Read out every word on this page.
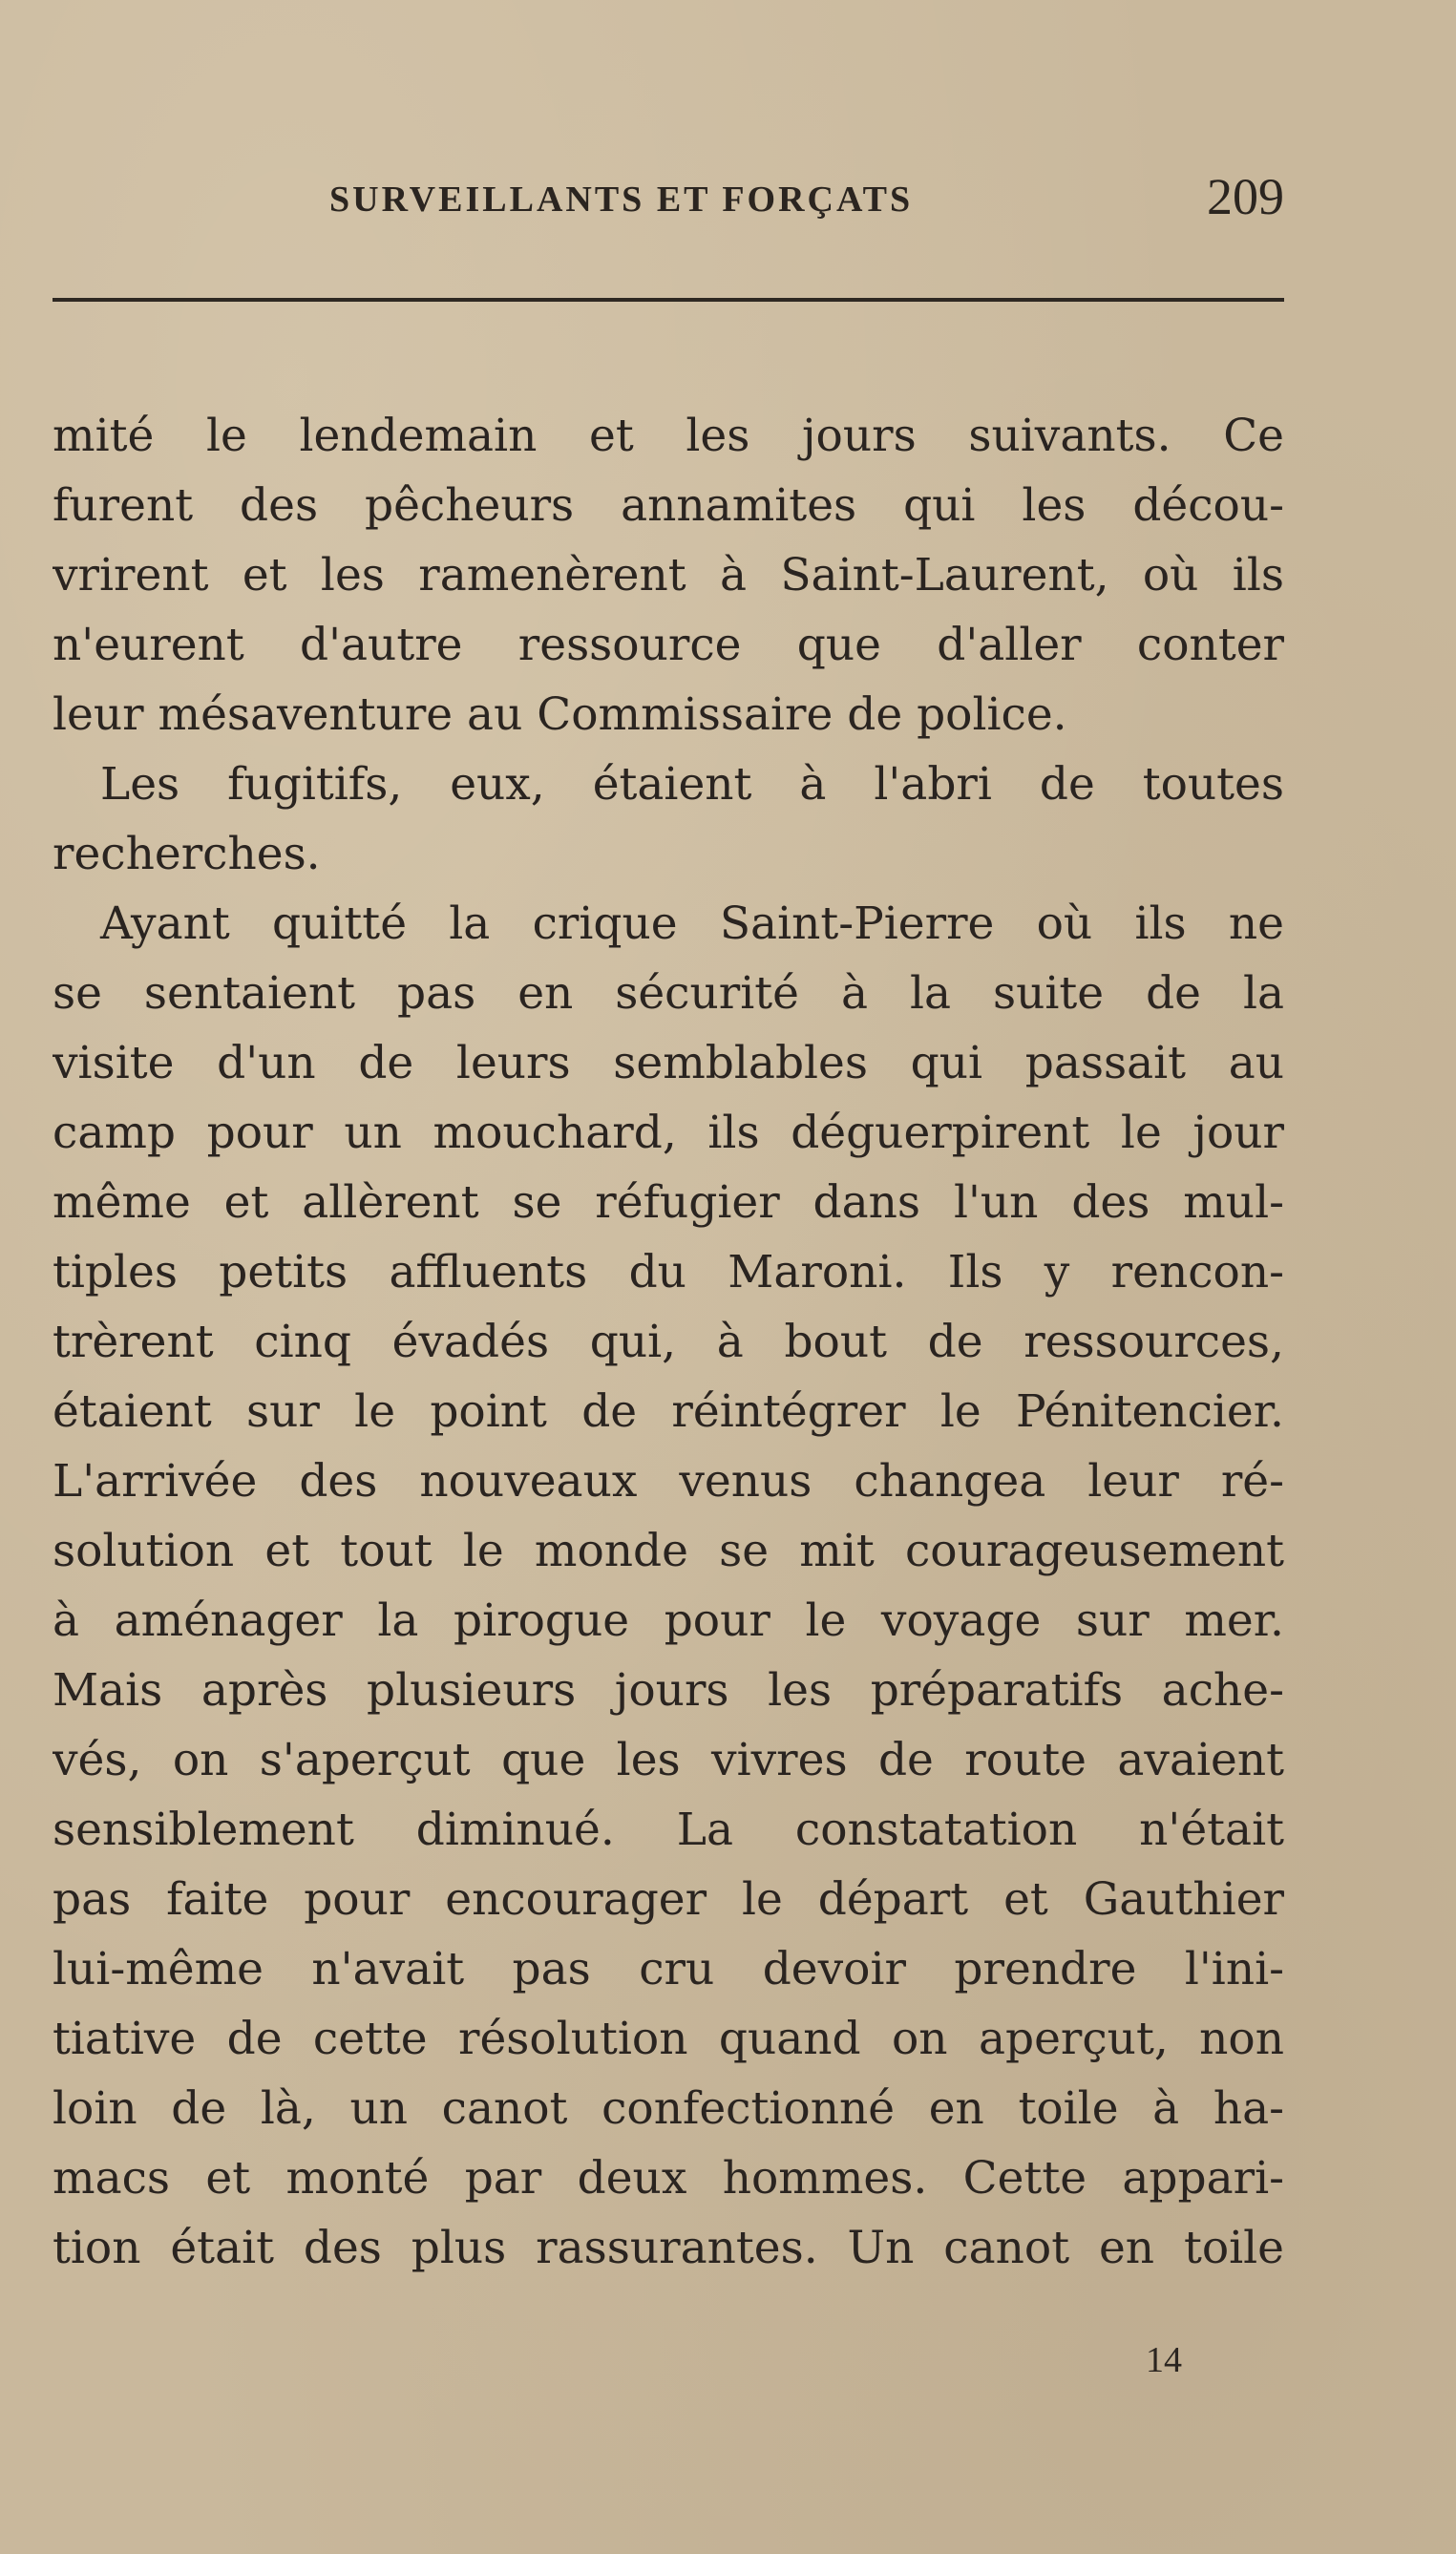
SURVEILLANTS ET FORÇATS	209
mité le lendemain et les jours suivants. Ce
furent des pêcheurs annamites qui les décou-
vrirent et les ramenèrent à Saint-Laurent, où ils
n'eurent d'autre ressource que d'aller conter
leur mésaventure au Commissaire de police.
Les fugitifs, eux, étaient à l'abri de toutes
recherches.
Ayant quitté la crique Saint-Pierre où ils ne
se sentaient pas en sécurité à la suite de la
visite d'un de leurs semblables qui passait au
camp pour un mouchard, ils déguerpirent le jour
même et allèrent se réfugier dans l'un des mul-
tiples petits affluents du Maroni. Ils y rencon-
trèrent cinq évadés qui, à bout de ressources,
étaient sur le point de réintégrer le Pénitencier.
L'arrivée des nouveaux venus changea leur ré-
solution et tout le monde se mit courageusement
à aménager la pirogue pour le voyage sur mer.
Mais après plusieurs jours les préparatifs ache-
vés, on s'aperçut que les vivres de route avaient
sensiblement diminué. La constatation n'était
pas faite pour encourager le départ et Gauthier
lui-même n'avait pas cru devoir prendre l'ini-
tiative de cette résolution quand on aperçut, non
loin de là, un canot confectionné en toile à ha-
macs et monté par deux hommes. Cette appari-
tion était des plus rassurantes. Un canot en toile
14
